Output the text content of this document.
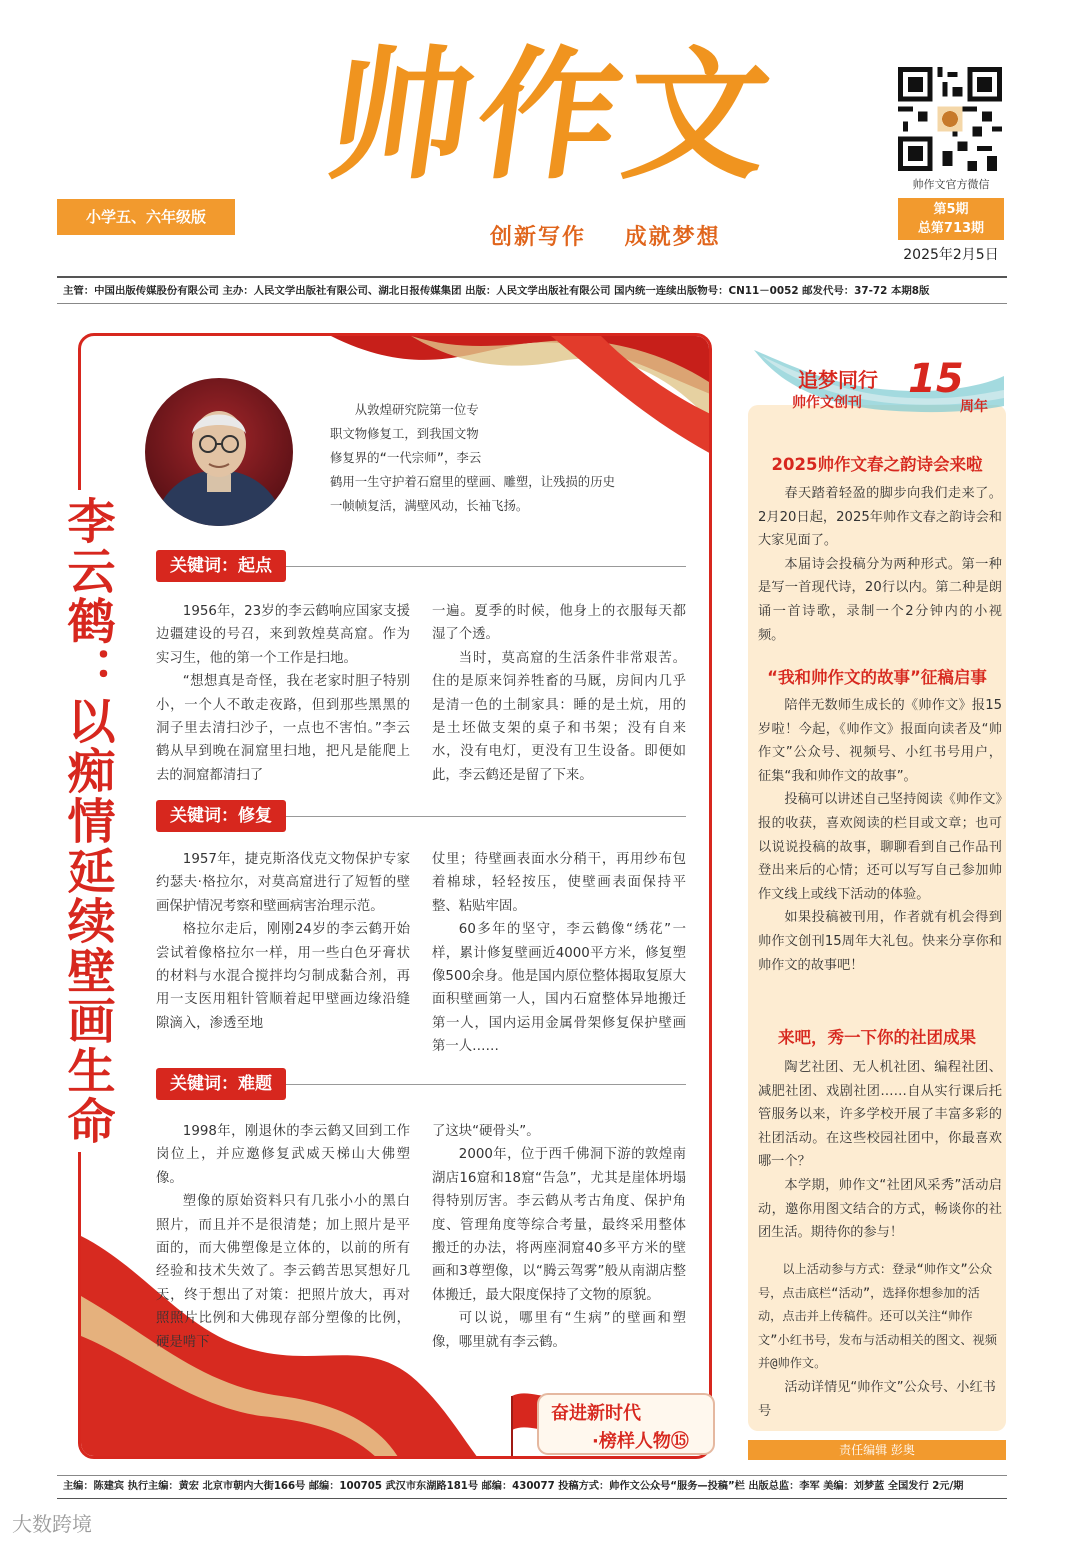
帅作文
创新写作    成就梦想
小学五、六年级版
帅作文官方微信
第5期
总第713期
2025年2月5日
主管：中国出版传媒股份有限公司 主办：人民文学出版社有限公司、湖北日报传媒集团 出版：人民文学出版社有限公司 国内统一连续出版物号：CN11－0052 邮发代号：37-72 本期8版
李云鹤：以痴情延续壁画生命
从敦煌研究院第一位专
职文物修复工，到我国文物
修复界的“一代宗师”，李云
鹤用一生守护着石窟里的壁画、雕塑，让残损的历史
一帧帧复活，满壁风动，长袖飞扬。
关键词：起点

1956年，23岁的李云鹤响应国家支援边疆建设的号召，来到敦煌莫高窟。作为实习生，他的第一个工作是扫地。

“想想真是奇怪，我在老家时胆子特别小，一个人不敢走夜路，但到那些黑黑的洞子里去清扫沙子，一点也不害怕。”李云鹤从早到晚在洞窟里扫地，把凡是能爬上去的洞窟都清扫了

一遍。夏季的时候，他身上的衣服每天都湿了个透。

当时，莫高窟的生活条件非常艰苦。住的是原来饲养牲畜的马厩，房间内几乎是清一色的土制家具：睡的是土炕，用的是土坯做支架的桌子和书架；没有自来水，没有电灯，更没有卫生设备。即便如此，李云鹤还是留了下来。

关键词：修复

1957年，捷克斯洛伐克文物保护专家约瑟夫·格拉尔，对莫高窟进行了短暂的壁画保护情况考察和壁画病害治理示范。

格拉尔走后，刚刚24岁的李云鹤开始尝试着像格拉尔一样，用一些白色牙膏状的材料与水混合搅拌均匀制成黏合剂，再用一支医用粗针管顺着起甲壁画边缘沿缝隙滴入，渗透至地

仗里；待壁画表面水分稍干，再用纱布包着棉球，轻轻按压，使壁画表面保持平整、粘贴牢固。

60多年的坚守，李云鹤像“绣花”一样，累计修复壁画近4000平方米，修复塑像500余身。他是国内原位整体揭取复原大面积壁画第一人，国内石窟整体异地搬迁第一人，国内运用金属骨架修复保护壁画第一人……

关键词：难题

1998年，刚退休的李云鹤又回到工作岗位上，并应邀修复武威天梯山大佛塑像。

塑像的原始资料只有几张小小的黑白照片，而且并不是很清楚；加上照片是平面的，而大佛塑像是立体的，以前的所有经验和技术失效了。李云鹤苦思冥想好几天，终于想出了对策：把照片放大，再对照照片比例和大佛现存部分塑像的比例，硬是啃下

了这块“硬骨头”。

2000年，位于西千佛洞下游的敦煌南湖店16窟和18窟“告急”，尤其是崖体坍塌得特别厉害。李云鹤从考古角度、保护角度、管理角度等综合考量，最终采用整体搬迁的办法，将两座洞窟40多平方米的壁画和3尊塑像，以“腾云驾雾”般从南湖店整体搬迁，最大限度保持了文物的原貌。

可以说，哪里有“生病”的壁画和塑像，哪里就有李云鹤。

奋进新时代
·榜样人物⑮
追梦同行
帅作文创刊
15
周年
2025帅作文春之韵诗会来啦

春天踏着轻盈的脚步向我们走来了。2月20日起，2025年帅作文春之韵诗会和大家见面了。

本届诗会投稿分为两种形式。第一种是写一首现代诗，20行以内。第二种是朗诵一首诗歌，录制一个2分钟内的小视频。

“我和帅作文的故事”征稿启事

陪伴无数师生成长的《帅作文》报15岁啦！今起，《帅作文》报面向读者及“帅作文”公众号、视频号、小红书号用户，征集“我和帅作文的故事”。

投稿可以讲述自己坚持阅读《帅作文》报的收获，喜欢阅读的栏目或文章；也可以说说投稿的故事，聊聊看到自己作品刊登出来后的心情；还可以写写自己参加帅作文线上或线下活动的体验。

如果投稿被刊用，作者就有机会得到帅作文创刊15周年大礼包。快来分享你和帅作文的故事吧！

来吧，秀一下你的社团成果

陶艺社团、无人机社团、编程社团、减肥社团、戏剧社团……自从实行课后托管服务以来，许多学校开展了丰富多彩的社团活动。在这些校园社团中，你最喜欢哪一个？

本学期，帅作文“社团风采秀”活动启动，邀你用图文结合的方式，畅谈你的社团生活。期待你的参与！

以上活动参与方式：登录“帅作文”公众号，点击底栏“活动”，选择你想参加的活动，点击并上传稿件。还可以关注“帅作文”小红书号，发布与活动相关的图文、视频并@帅作文。

活动详情见“帅作文”公众号、小红书号

责任编辑 彭奥
主编：陈建宾 执行主编：黄宏 北京市朝内大街166号 邮编：100705 武汉市东湖路181号 邮编：430077 投稿方式：帅作文公众号“服务—投稿”栏 出版总监：李军 美编：刘梦蓝 全国发行 2元/期
大数跨境
